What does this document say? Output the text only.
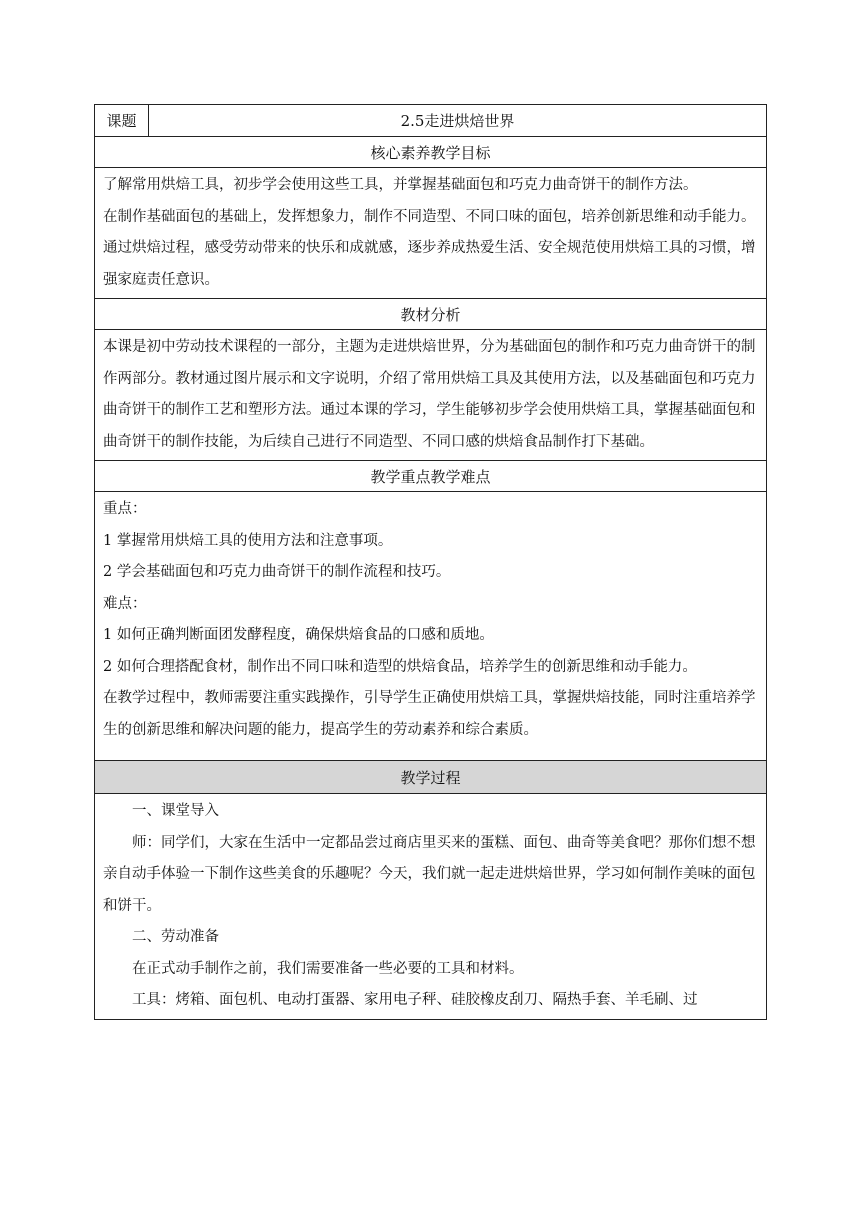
课题	2.5走进烘焙世界
核心素养教学目标

了解常用烘焙工具，初步学会使用这些工具，并掌握基础面包和巧克力曲奇饼干的制作方法。

在制作基础面包的基础上，发挥想象力，制作不同造型、不同口味的面包，培养创新思维和动手能力。

通过烘焙过程，感受劳动带来的快乐和成就感，逐步养成热爱生活、安全规范使用烘焙工具的习惯，增强家庭责任意识。

教材分析

本课是初中劳动技术课程的一部分，主题为走进烘焙世界，分为基础面包的制作和巧克力曲奇饼干的制作两部分。教材通过图片展示和文字说明，介绍了常用烘焙工具及其使用方法，以及基础面包和巧克力曲奇饼干的制作工艺和塑形方法。通过本课的学习，学生能够初步学会使用烘焙工具，掌握基础面包和曲奇饼干的制作技能，为后续自己进行不同造型、不同口感的烘焙食品制作打下基础。

教学重点教学难点

重点：

1 掌握常用烘焙工具的使用方法和注意事项。

2 学会基础面包和巧克力曲奇饼干的制作流程和技巧。

难点：

1 如何正确判断面团发酵程度，确保烘焙食品的口感和质地。

2 如何合理搭配食材，制作出不同口味和造型的烘焙食品，培养学生的创新思维和动手能力。

在教学过程中，教师需要注重实践操作，引导学生正确使用烘焙工具，掌握烘焙技能，同时注重培养学生的创新思维和解决问题的能力，提高学生的劳动素养和综合素质。

教学过程

一、课堂导入

师：同学们，大家在生活中一定都品尝过商店里买来的蛋糕、面包、曲奇等美食吧？那你们想不想亲自动手体验一下制作这些美食的乐趣呢？今天，我们就一起走进烘焙世界，学习如何制作美味的面包和饼干。

二、劳动准备

在正式动手制作之前，我们需要准备一些必要的工具和材料。

工具：烤箱、面包机、电动打蛋器、家用电子秤、硅胶橡皮刮刀、隔热手套、羊毛刷、过
